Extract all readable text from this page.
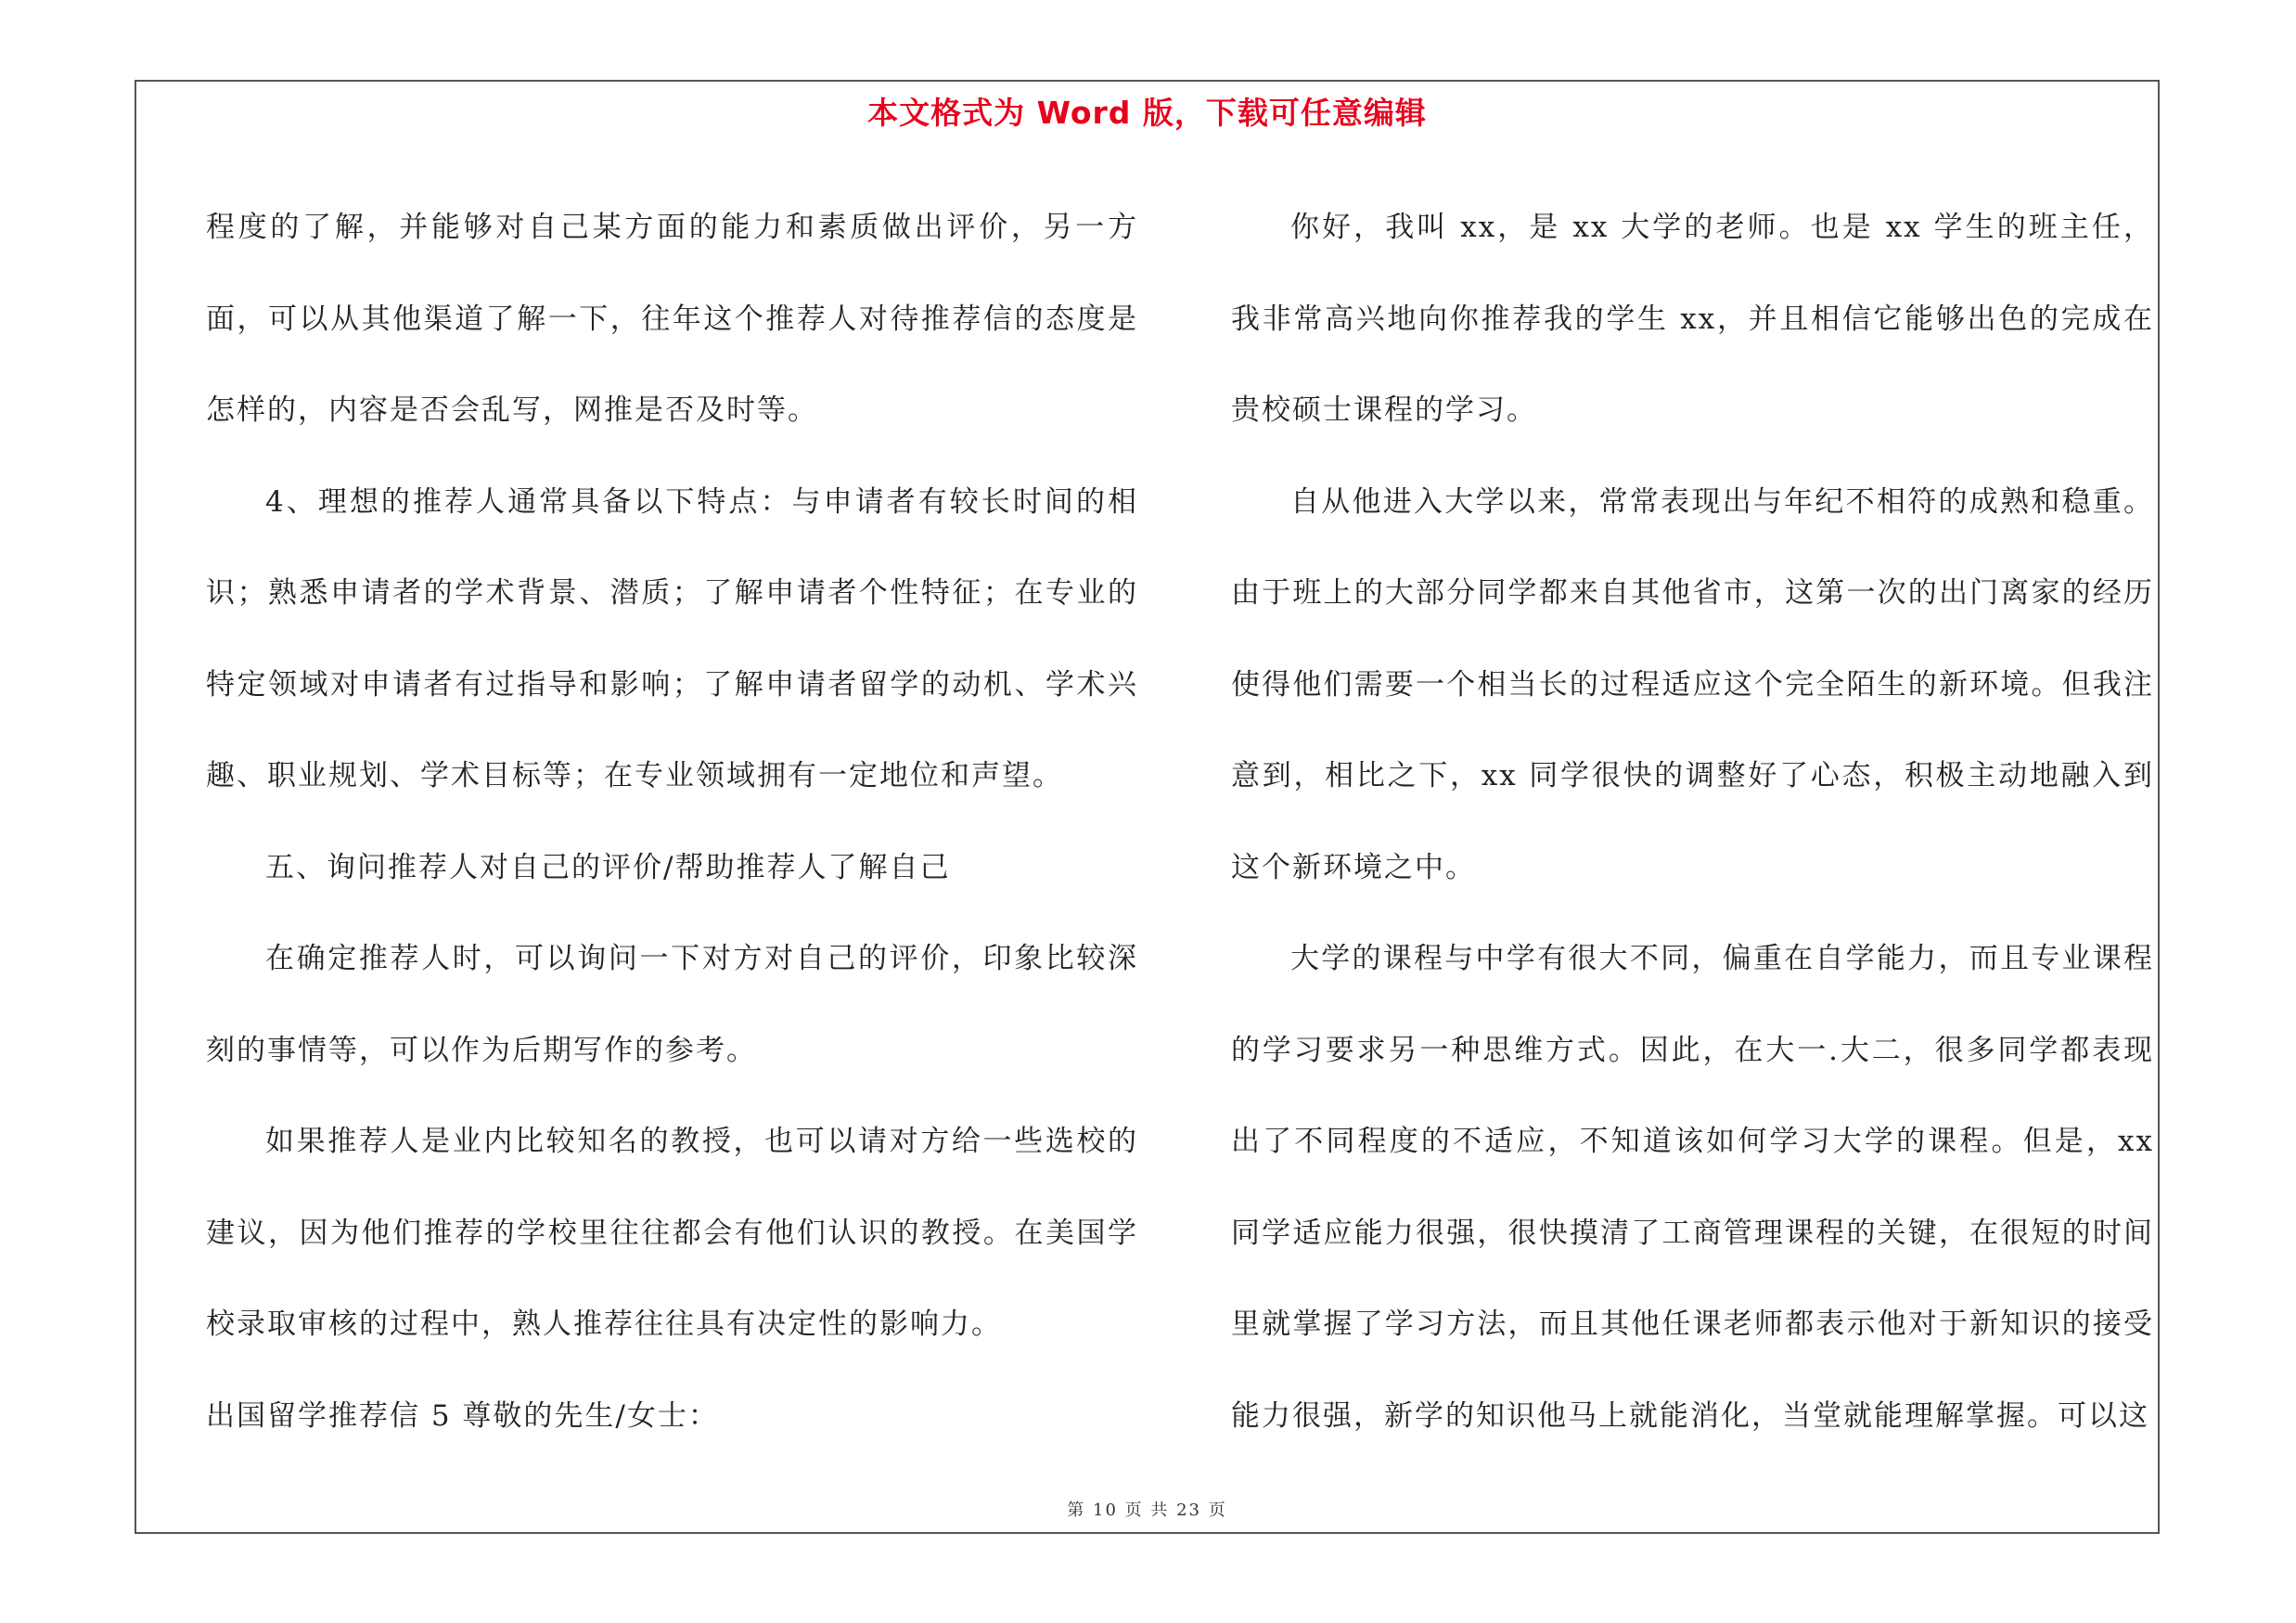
本文格式为 Word 版，下载可任意编辑

程度的了解，并能够对自己某方面的能力和素质做出评价，另一方面，可以从其他渠道了解一下，往年这个推荐人对待推荐信的态度是怎样的，内容是否会乱写，网推是否及时等。

4、理想的推荐人通常具备以下特点：与申请者有较长时间的相识；熟悉申请者的学术背景、潜质；了解申请者个性特征；在专业的特定领域对申请者有过指导和影响；了解申请者留学的动机、学术兴趣、职业规划、学术目标等；在专业领域拥有一定地位和声望。

五、询问推荐人对自己的评价/帮助推荐人了解自己

在确定推荐人时，可以询问一下对方对自己的评价，印象比较深刻的事情等，可以作为后期写作的参考。

如果推荐人是业内比较知名的教授，也可以请对方给一些选校的建议，因为他们推荐的学校里往往都会有他们认识的教授。在美国学校录取审核的过程中，熟人推荐往往具有决定性的影响力。

出国留学推荐信 5 尊敬的先生/女士：

你好，我叫 xx，是 xx 大学的老师。也是 xx 学生的班主任，我非常高兴地向你推荐我的学生 xx，并且相信它能够出色的完成在贵校硕士课程的学习。

自从他进入大学以来，常常表现出与年纪不相符的成熟和稳重。由于班上的大部分同学都来自其他省市，这第一次的出门离家的经历使得他们需要一个相当长的过程适应这个完全陌生的新环境。但我注意到，相比之下，xx 同学很快的调整好了心态，积极主动地融入到这个新环境之中。

大学的课程与中学有很大不同，偏重在自学能力，而且专业课程的学习要求另一种思维方式。因此，在大一.大二，很多同学都表现出了不同程度的不适应，不知道该如何学习大学的课程。但是，xx 同学适应能力很强，很快摸清了工商管理课程的关键，在很短的时间里就掌握了学习方法，而且其他任课老师都表示他对于新知识的接受能力很强，新学的知识他马上就能消化，当堂就能理解掌握。可以这

第 10 页 共 23 页
